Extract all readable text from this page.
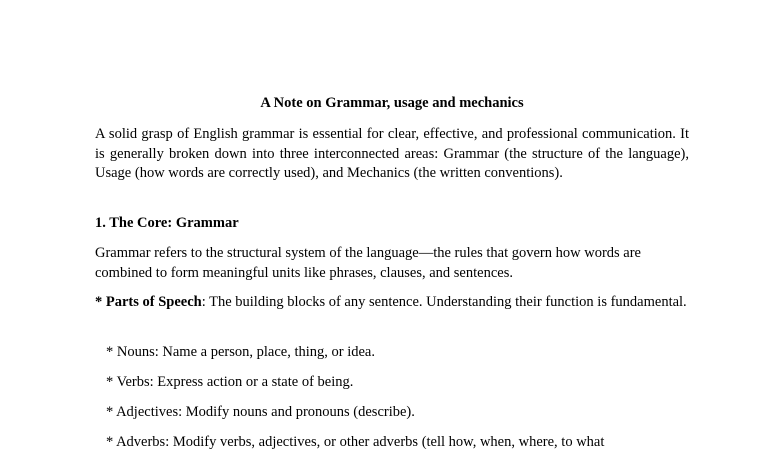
A Note on Grammar, usage and mechanics
A solid grasp of English grammar is essential for clear, effective, and professional communication. It is generally broken down into three interconnected areas: Grammar (the structure of the language), Usage (how words are correctly used), and Mechanics (the written conventions).
1. The Core: Grammar
Grammar refers to the structural system of the language—the rules that govern how words are combined to form meaningful units like phrases, clauses, and sentences.
* Parts of Speech: The building blocks of any sentence. Understanding their function is fundamental.
* Nouns: Name a person, place, thing, or idea.
* Verbs: Express action or a state of being.
* Adjectives: Modify nouns and pronouns (describe).
* Adverbs: Modify verbs, adjectives, or other adverbs (tell how, when, where, to what
